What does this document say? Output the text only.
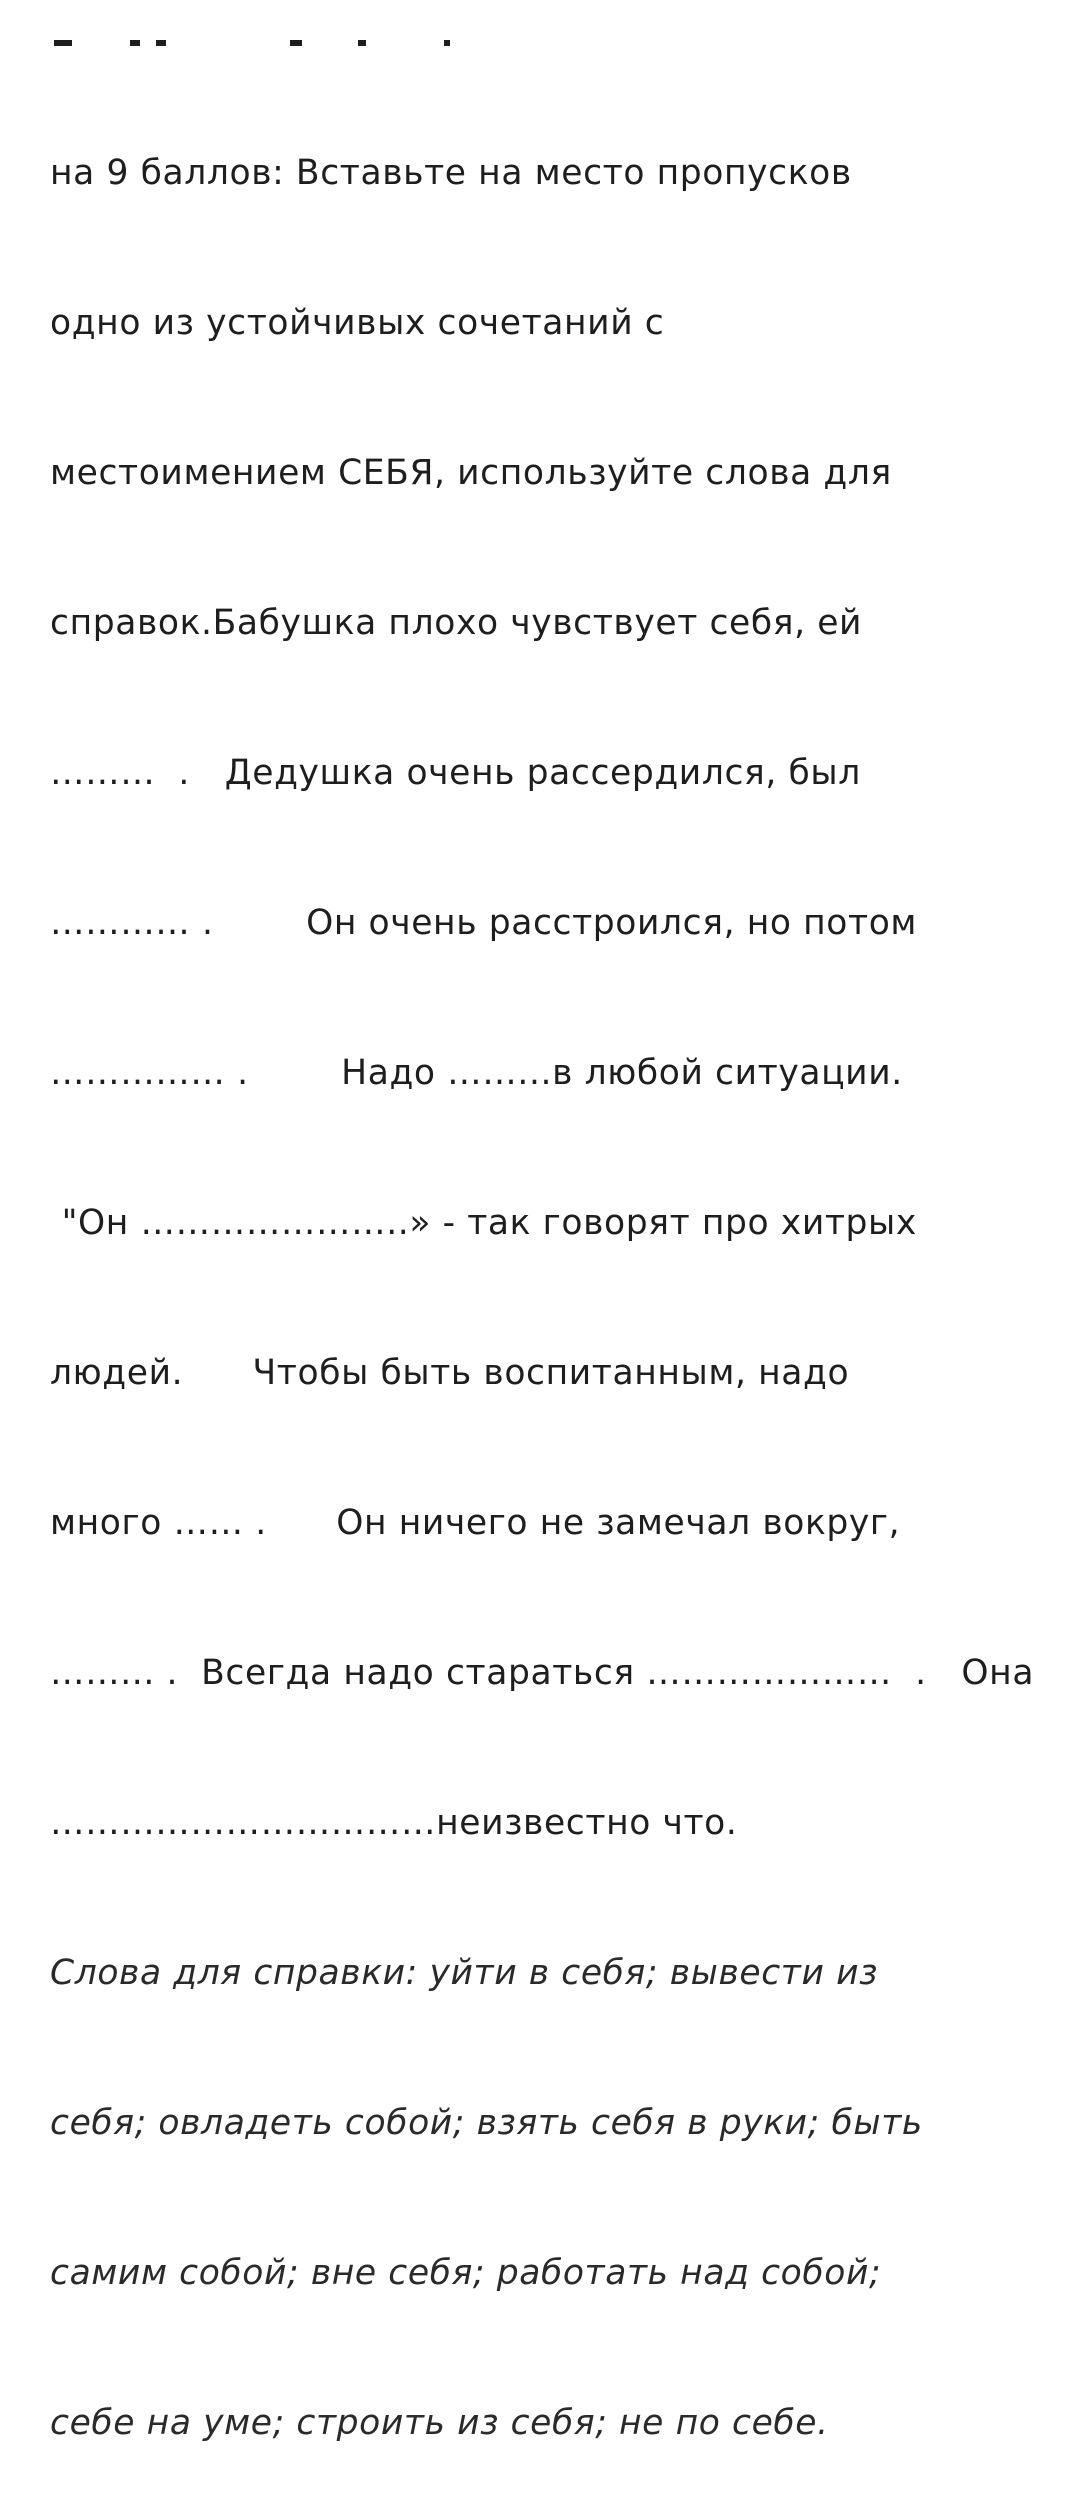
на 9 баллов: Вставьте на место пропусков

одно из устойчивых сочетаний с

местоимением СЕБЯ, используйте слова для

справок.Бабушка плохо чувствует себя, ей

………  .   Дедушка очень рассердился, был

………… .        Он очень расстроился, но потом

…………… .        Надо ……...в любой ситуации.

"Он …………………..» - так говорят про хитрых

людей.      Чтобы быть воспитанным, надо

много …… .      Он ничего не замечал вокруг,

……... .  Всегда надо стараться …………………  .   Она

……………………………неизвестно что.

Слова для справки: уйти в себя; вывести из

себя; овладеть собой; взять себя в руки; быть

самим собой; вне себя; работать над собой;

себе на уме; строить из себя; не по себе.
